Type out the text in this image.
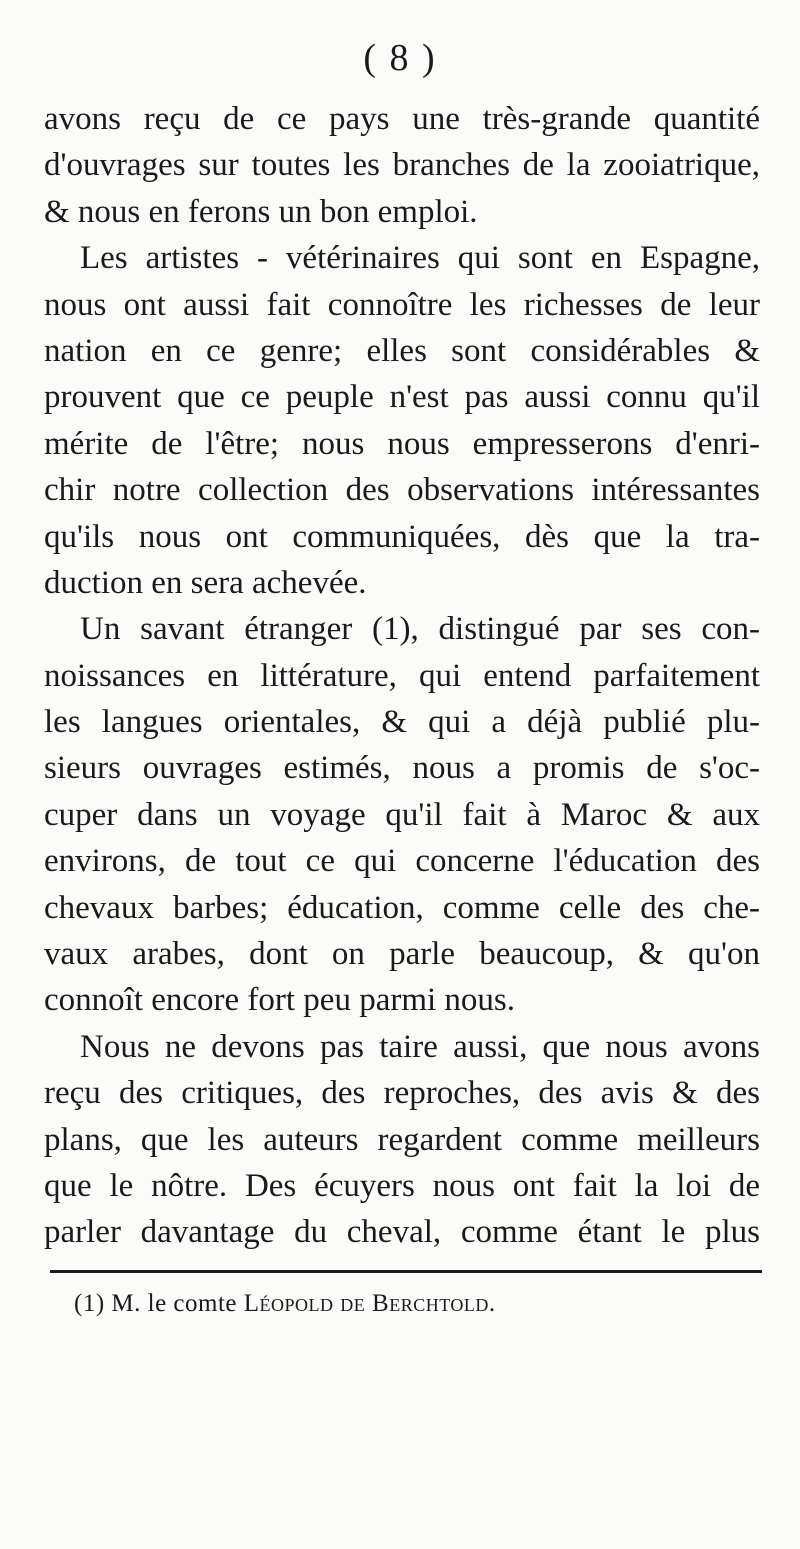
( 8 )
avons reçu de ce pays une très-grande quantité
d'ouvrages sur toutes les branches de la zooiatrique,
& nous en ferons un bon emploi.
Les artistes - vétérinaires qui sont en Espagne,
nous ont aussi fait connoître les richesses de leur
nation en ce genre; elles sont considérables &
prouvent que ce peuple n'est pas aussi connu qu'il
mérite de l'être; nous nous empresserons d'enri-
chir notre collection des observations intéressantes
qu'ils nous ont communiquées, dès que la tra-
duction en sera achevée.
Un savant étranger (1), distingué par ses con-
noissances en littérature, qui entend parfaitement
les langues orientales, & qui a déjà publié plu-
sieurs ouvrages estimés, nous a promis de s'oc-
cuper dans un voyage qu'il fait à Maroc & aux
environs, de tout ce qui concerne l'éducation des
chevaux barbes; éducation, comme celle des che-
vaux arabes, dont on parle beaucoup, & qu'on
connoît encore fort peu parmi nous.
Nous ne devons pas taire aussi, que nous avons
reçu des critiques, des reproches, des avis & des
plans, que les auteurs regardent comme meilleurs
que le nôtre. Des écuyers nous ont fait la loi de
parler davantage du cheval, comme étant le plus
(1) M. le comte Léopold de Berchtold.
